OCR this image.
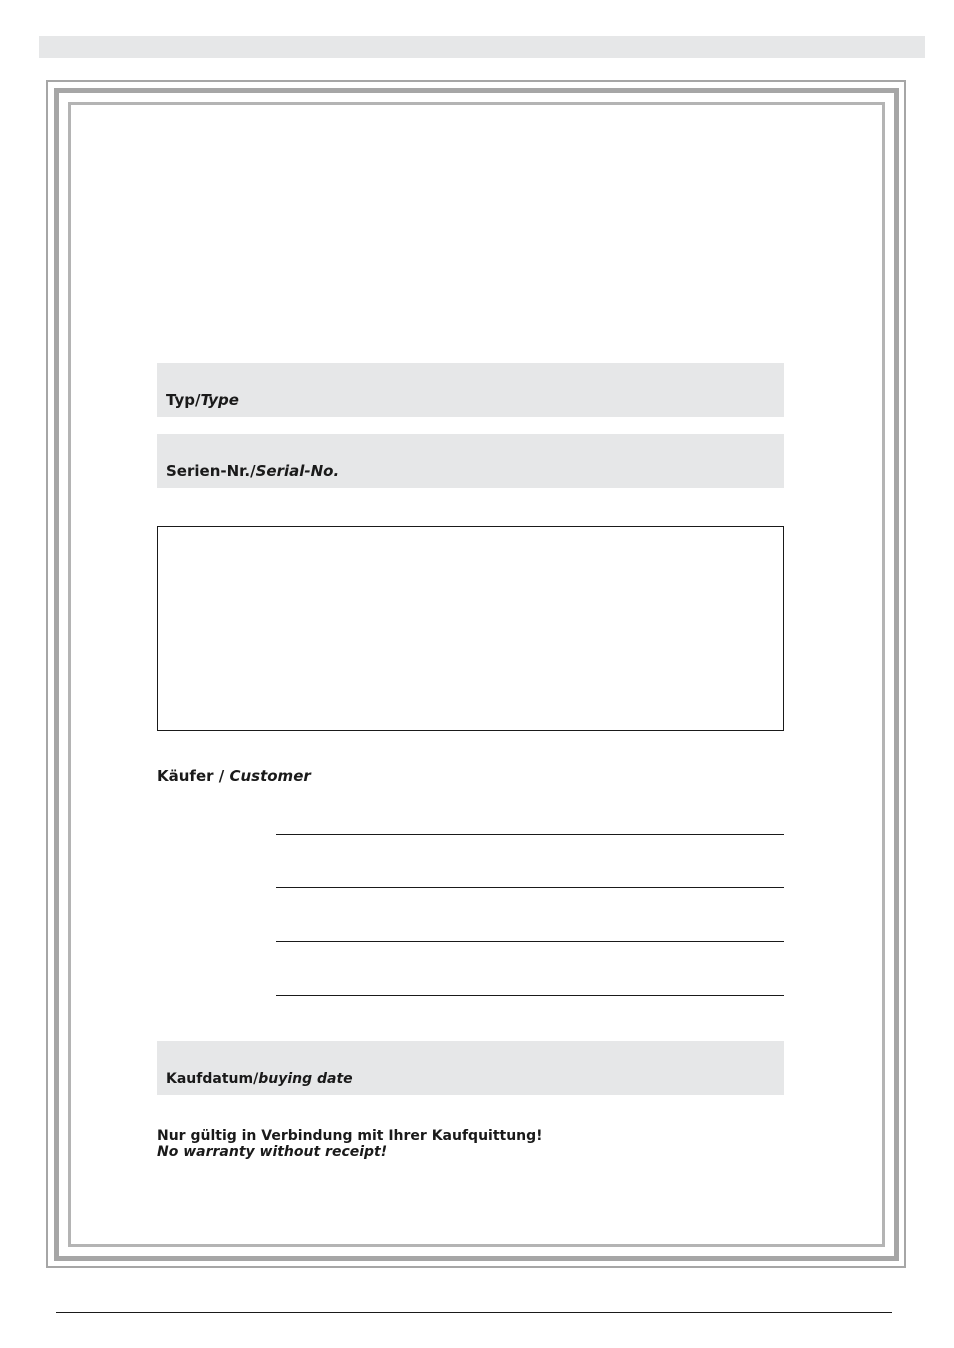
Typ / Type
Serien-Nr. / Serial-No.
Käufer / Customer
Kaufdatum / buying date
Nur gültig in Verbindung mit Ihrer Kaufquittung!
No warranty without receipt!
